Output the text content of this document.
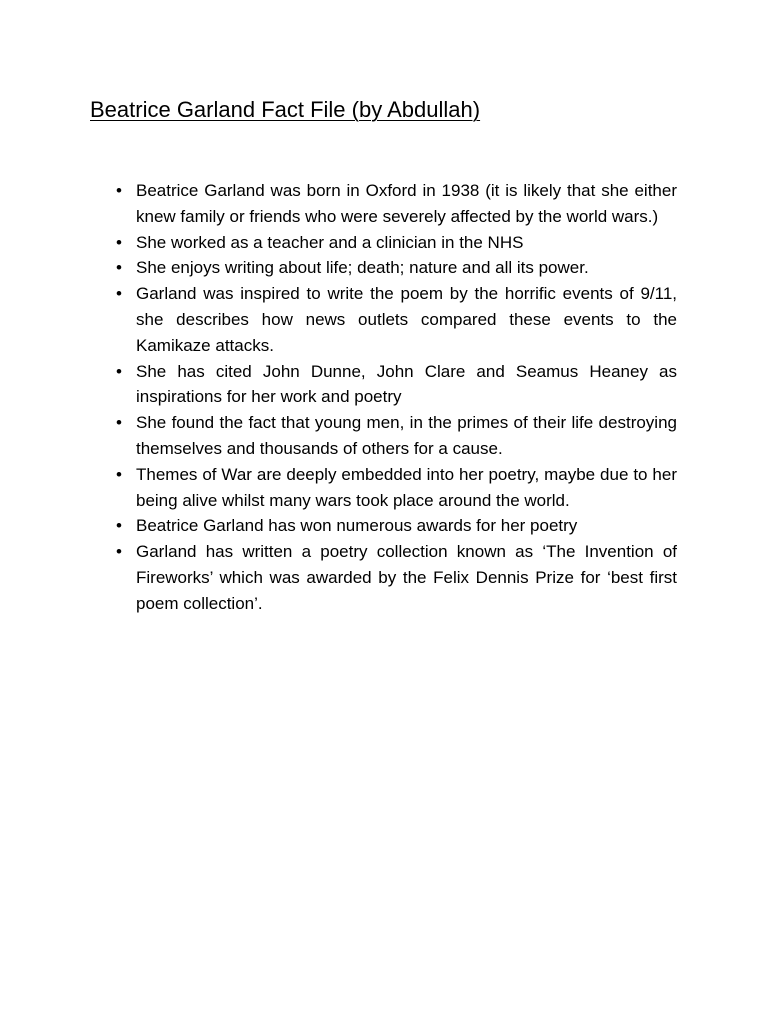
Beatrice Garland Fact File (by Abdullah)
• Beatrice Garland was born in Oxford in 1938 (it is likely that she either knew family or friends who were severely affected by the world wars.)
• She worked as a teacher and a clinician in the NHS
• She enjoys writing about life; death; nature and all its power.
• Garland was inspired to write the poem by the horrific events of 9/11, she describes how news outlets compared these events to the Kamikaze attacks.
• She has cited John Dunne, John Clare and Seamus Heaney as inspirations for her work and poetry
• She found the fact that young men, in the primes of their life destroying themselves and thousands of others for a cause.
• Themes of War are deeply embedded into her poetry, maybe due to her being alive whilst many wars took place around the world.
• Beatrice Garland has won numerous awards for her poetry
• Garland has written a poetry collection known as ‘The Invention of Fireworks’ which was awarded by the Felix Dennis Prize for ‘best first poem collection’.
